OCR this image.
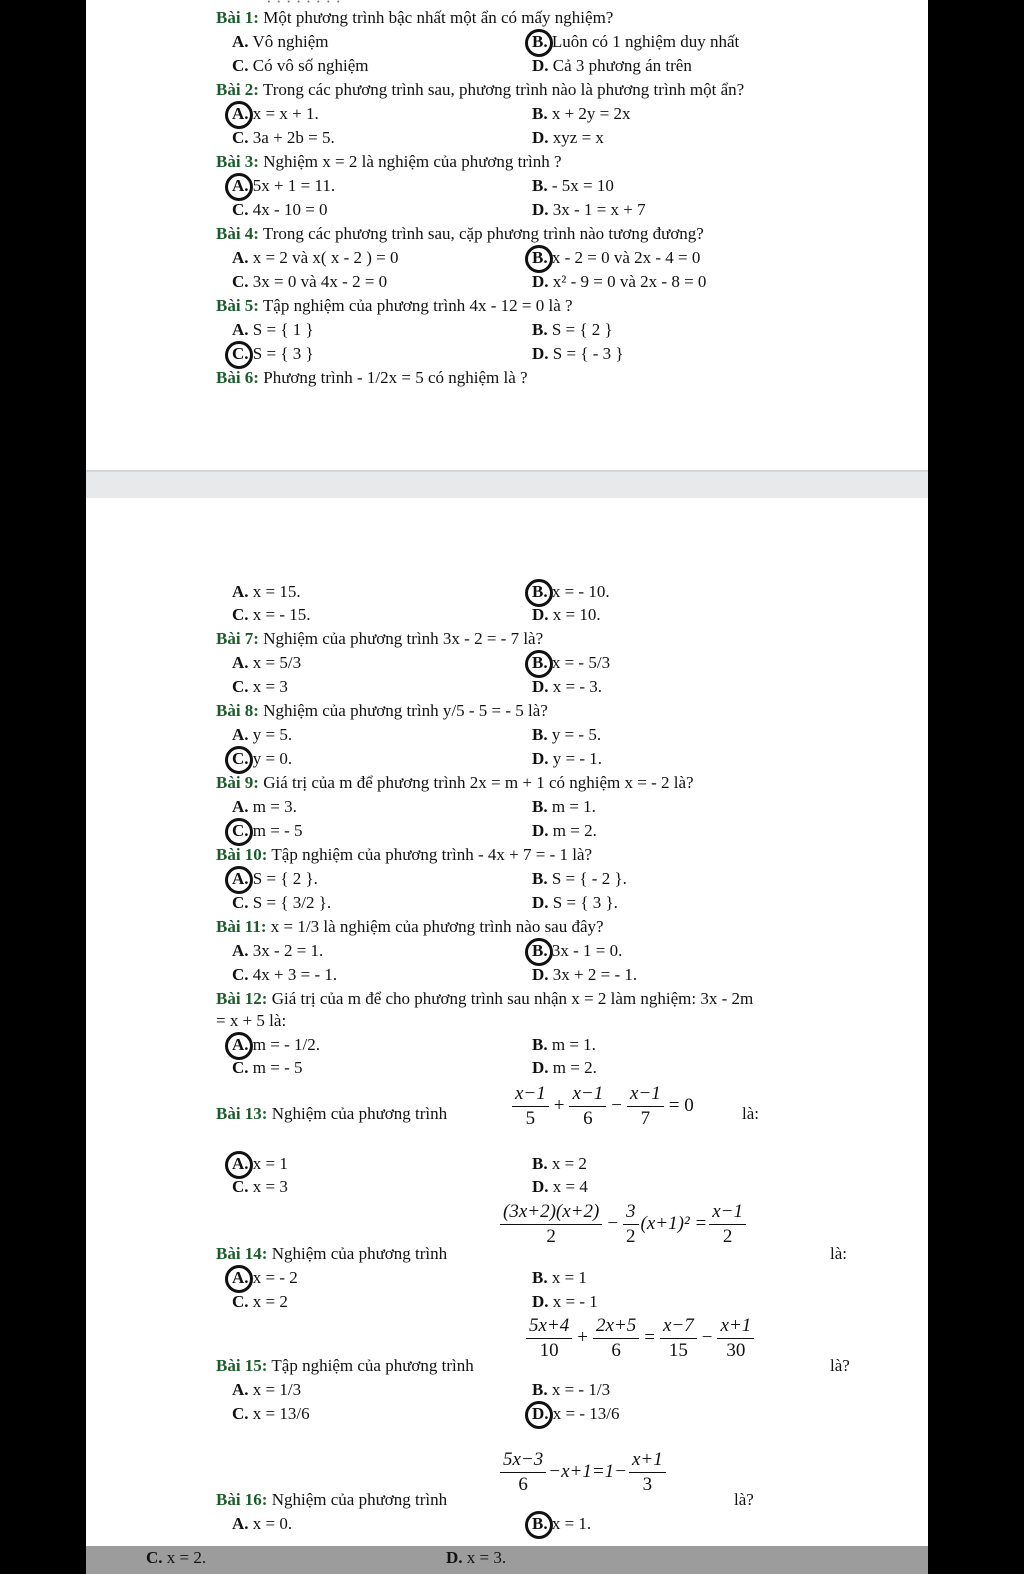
· · · · · · · ·
Bài 1: Một phương trình bậc nhất một ẩn có mấy nghiệm?
A. Vô nghiệm	B. Luôn có 1 nghiệm duy nhất
C. Có vô số nghiệm	D. Cả 3 phương án trên
Bài 2: Trong các phương trình sau, phương trình nào là phương trình một ẩn?
A. x = x + 1.	B. x + 2y = 2x
C. 3a + 2b = 5.	D. xyz = x
Bài 3: Nghiệm x = 2 là nghiệm của phương trình ?
A. 5x + 1 = 11.	B. - 5x = 10
C. 4x - 10 = 0	D. 3x - 1 = x + 7
Bài 4: Trong các phương trình sau, cặp phương trình nào tương đương?
A. x = 2 và x( x - 2 ) = 0	B. x - 2 = 0 và 2x - 4 = 0
C. 3x = 0 và 4x - 2 = 0	D. x² - 9 = 0 và 2x - 8 = 0
Bài 5: Tập nghiệm của phương trình 4x - 12 = 0 là ?
A. S = { 1 }	B. S = { 2 }
C. S = { 3 }	D. S = { - 3 }
Bài 6: Phương trình - 1/2x = 5 có nghiệm là ?
A. x = 15.	B. x = - 10.
C. x = - 15.	D. x = 10.
Bài 7: Nghiệm của phương trình 3x - 2 = - 7 là?
A. x = 5/3	B. x = - 5/3
C. x = 3	D. x = - 3.
Bài 8: Nghiệm của phương trình y/5 - 5 = - 5 là?
A. y = 5.	B. y = - 5.
C. y = 0.	D. y = - 1.
Bài 9: Giá trị của m để phương trình 2x = m + 1 có nghiệm x = - 2 là?
A. m = 3.	B. m = 1.
C. m = - 5	D. m = 2.
Bài 10: Tập nghiệm của phương trình - 4x + 7 = - 1 là?
A. S = { 2 }.	B. S = { - 2 }.
C. S = { 3/2 }.	D. S = { 3 }.
Bài 11: x = 1/3 là nghiệm của phương trình nào sau đây?
A. 3x - 2 = 1.	B. 3x - 1 = 0.
C. 4x + 3 = - 1.	D. 3x + 2 = - 1.
Bài 12: Giá trị của m để cho phương trình sau nhận x = 2 làm nghiệm: 3x - 2m
= x + 5 là:
A. m = - 1/2.	B. m = 1.
C. m = - 5	D. m = 2.
Bài 13: Nghiệm của phương trình	$\frac{x-1}{5} + \frac{x-1}{6} - \frac{x-1}{7} = 0$	là:
A. x = 1	B. x = 2
C. x = 3	D. x = 4
Bài 14: Nghiệm của phương trình
$\frac{(3x+2)(x+2)}{2} - \frac{3}{2} (x+1)^2 = \frac{x-1}{2}$
là:
A. x = - 2	B. x = 1
C. x = 2	D. x = - 1
Bài 15: Tập nghiệm của phương trình
$\frac{5x+4}{10} + \frac{2x+5}{6} = \frac{x-7}{15} - \frac{x+1}{30}$
là?
A. x = 1/3	B. x = - 1/3
C. x = 13/6	D. x = - 13/6
Bài 16: Nghiệm của phương trình
$\frac{5x-3}{6} -x+1=1- \frac{x+1}{3}$
là?
A. x = 0.	B. x = 1.
C. x = 2.	D. x = 3.
